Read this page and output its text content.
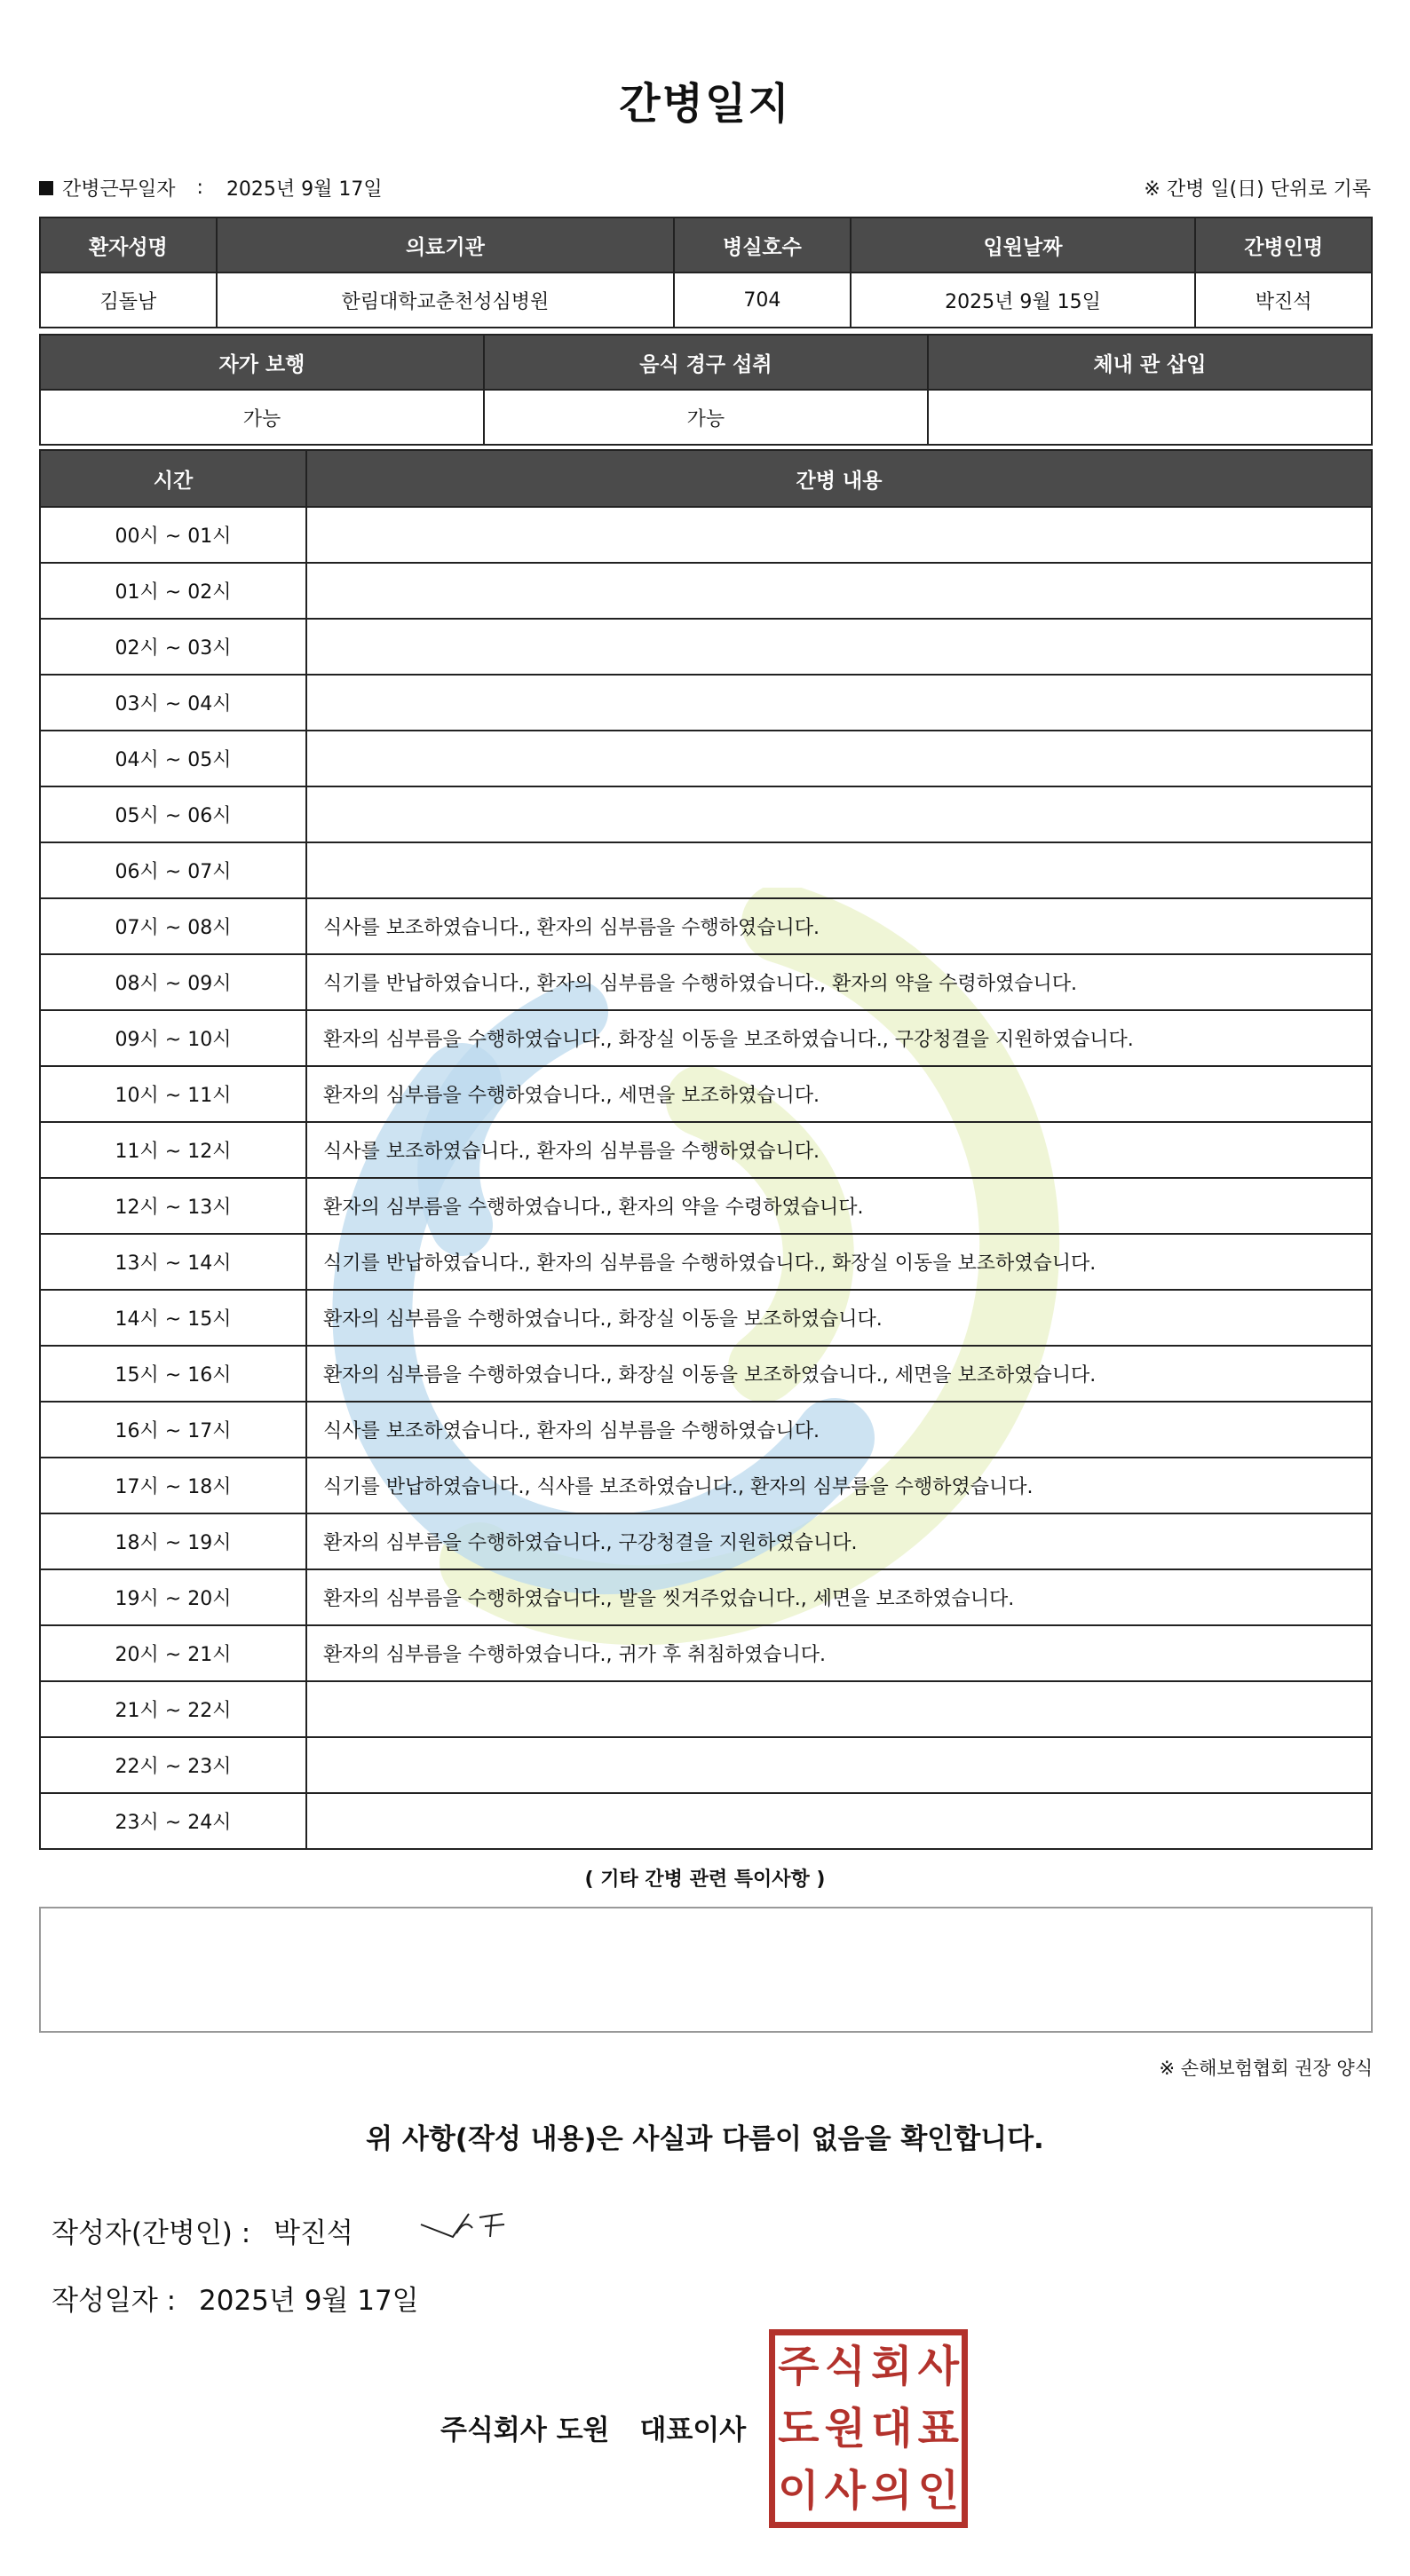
간병일지
간병근무일자 : 2025년 9월 17일	※ 간병 일(日) 단위로 기록
환자성명	의료기관	병실호수	입원날짜	간병인명
김돌남	한림대학교춘천성심병원	704	2025년 9월 15일	박진석
자가 보행	음식 경구 섭취	체내 관 삽입
가능	가능	
시간	간병 내용
00시 ~ 01시	
01시 ~ 02시	
02시 ~ 03시	
03시 ~ 04시	
04시 ~ 05시	
05시 ~ 06시	
06시 ~ 07시	
07시 ~ 08시	식사를 보조하였습니다., 환자의 심부름을 수행하였습니다.
08시 ~ 09시	식기를 반납하였습니다., 환자의 심부름을 수행하였습니다., 환자의 약을 수령하였습니다.
09시 ~ 10시	환자의 심부름을 수행하였습니다., 화장실 이동을 보조하였습니다., 구강청결을 지원하였습니다.
10시 ~ 11시	환자의 심부름을 수행하였습니다., 세면을 보조하였습니다.
11시 ~ 12시	식사를 보조하였습니다., 환자의 심부름을 수행하였습니다.
12시 ~ 13시	환자의 심부름을 수행하였습니다., 환자의 약을 수령하였습니다.
13시 ~ 14시	식기를 반납하였습니다., 환자의 심부름을 수행하였습니다., 화장실 이동을 보조하였습니다.
14시 ~ 15시	환자의 심부름을 수행하였습니다., 화장실 이동을 보조하였습니다.
15시 ~ 16시	환자의 심부름을 수행하였습니다., 화장실 이동을 보조하였습니다., 세면을 보조하였습니다.
16시 ~ 17시	식사를 보조하였습니다., 환자의 심부름을 수행하였습니다.
17시 ~ 18시	식기를 반납하였습니다., 식사를 보조하였습니다., 환자의 심부름을 수행하였습니다.
18시 ~ 19시	환자의 심부름을 수행하였습니다., 구강청결을 지원하였습니다.
19시 ~ 20시	환자의 심부름을 수행하였습니다., 발을 씻겨주었습니다., 세면을 보조하였습니다.
20시 ~ 21시	환자의 심부름을 수행하였습니다., 귀가 후 취침하였습니다.
21시 ~ 22시	
22시 ~ 23시	
23시 ~ 24시	
( 기타 간병 관련 특이사항 )
※ 손해보험협회 권장 양식
위 사항(작성 내용)은 사실과 다름이 없음을 확인합니다.
작성자(간병인) : 박진석
작성일자 : 2025년 9월 17일
주식회사 도원 대표이사
주 식 회 사
도 원 대 표
이 사 의 인
